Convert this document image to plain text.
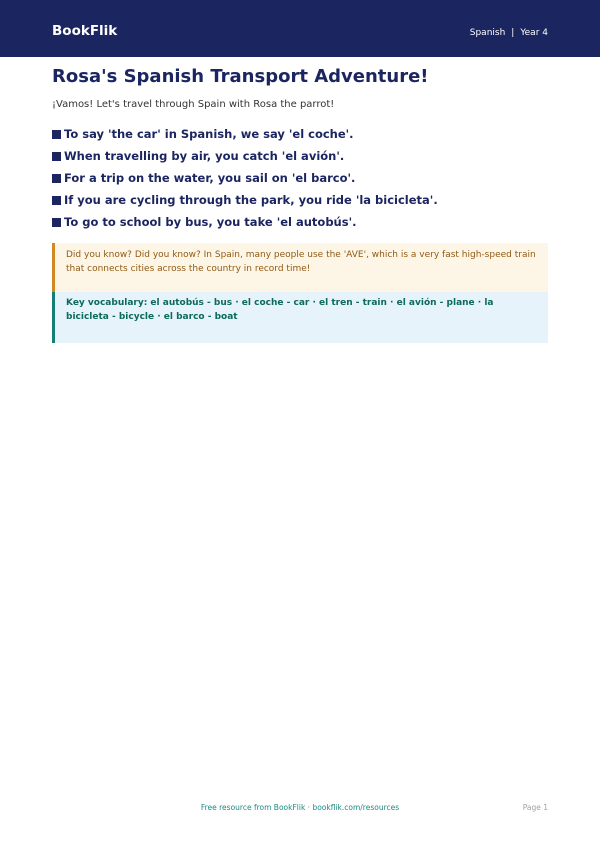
BookFlik	Spanish | Year 4
Rosa's Spanish Transport Adventure!
¡Vamos! Let's travel through Spain with Rosa the parrot!
To say 'the car' in Spanish, we say 'el coche'.
When travelling by air, you catch 'el avión'.
For a trip on the water, you sail on 'el barco'.
If you are cycling through the park, you ride 'la bicicleta'.
To go to school by bus, you take 'el autobús'.
Did you know? Did you know? In Spain, many people use the 'AVE', which is a very fast high-speed train that connects cities across the country in record time!
Key vocabulary: el autobús - bus · el coche - car · el tren - train · el avión - plane · la bicicleta - bicycle · el barco - boat
Free resource from BookFlik · bookflik.com/resources	Page 1
